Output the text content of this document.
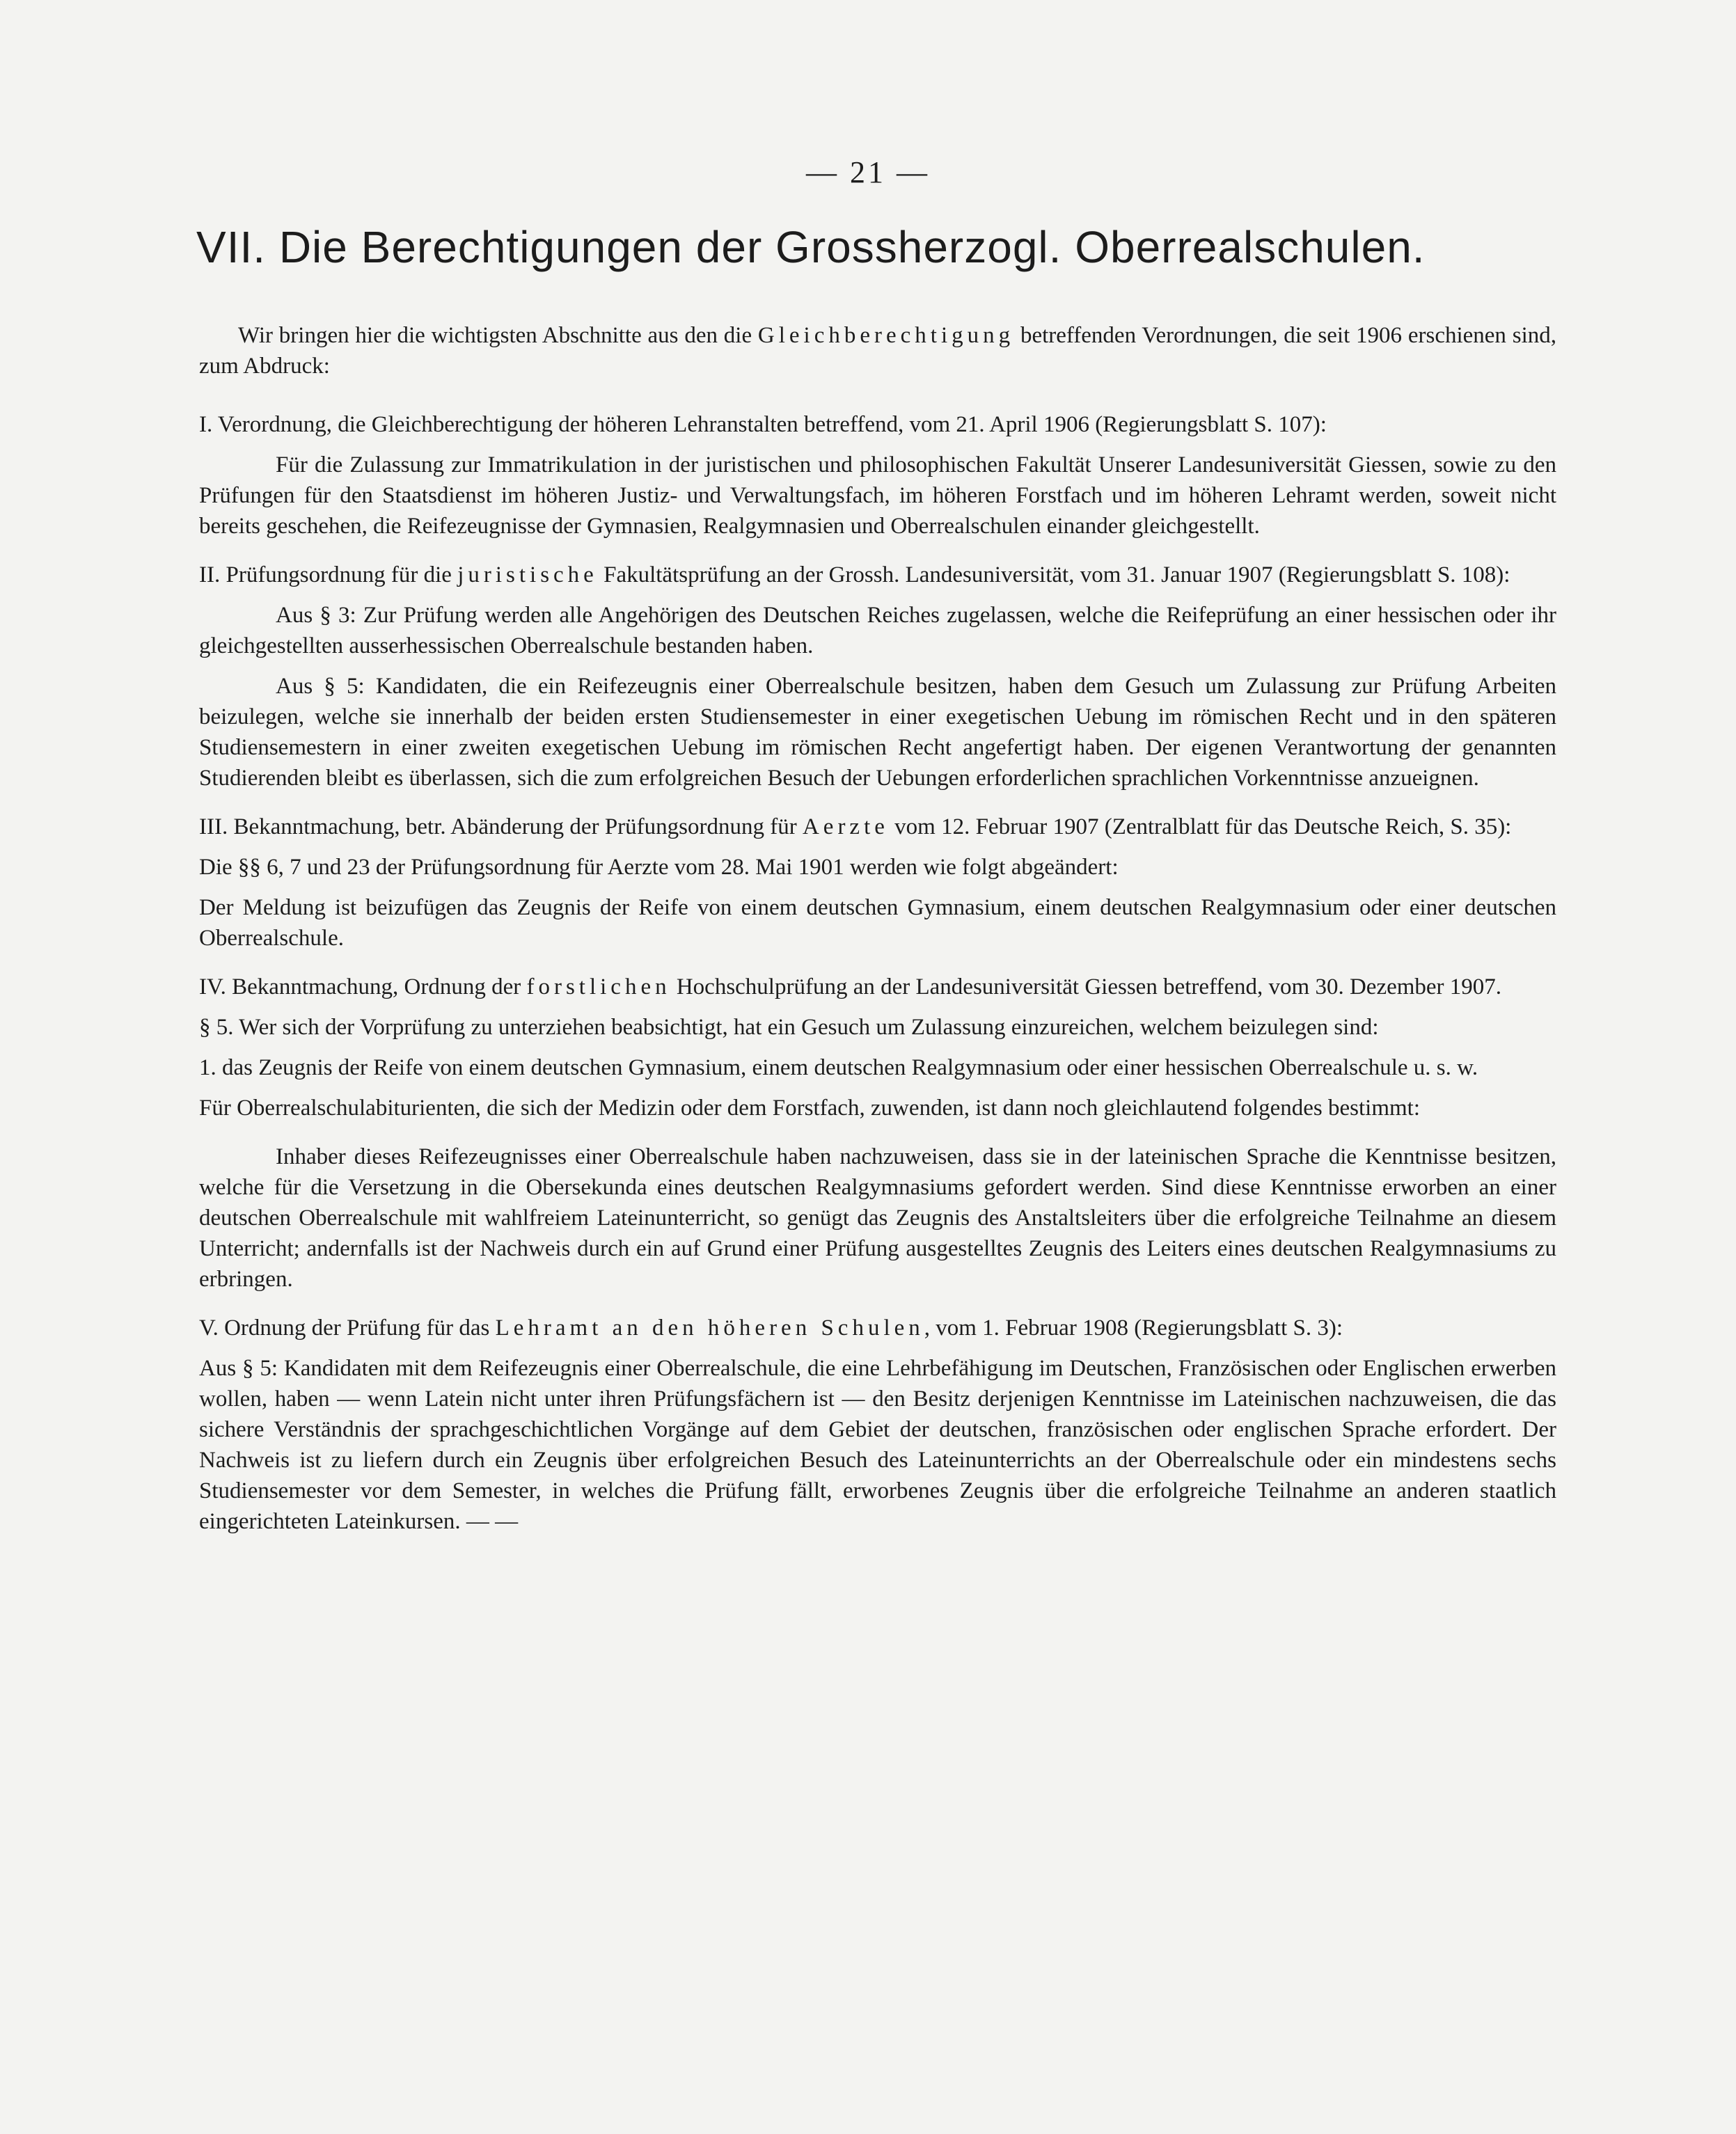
— 21 —
VII. Die Berechtigungen der Grossherzogl. Oberrealschulen.

Wir bringen hier die wichtigsten Abschnitte aus den die Gleichberechtigung betreffenden Verordnungen, die seit 1906 erschienen sind, zum Abdruck:

I. Verordnung, die Gleichberechtigung der höheren Lehranstalten betreffend, vom 21. April 1906 (Regierungsblatt S. 107):

Für die Zulassung zur Immatrikulation in der juristischen und philosophischen Fakultät Unserer Landesuniversität Giessen, sowie zu den Prüfungen für den Staatsdienst im höheren Justiz- und Verwaltungsfach, im höheren Forstfach und im höheren Lehramt werden, soweit nicht bereits geschehen, die Reifezeugnisse der Gymnasien, Realgymnasien und Oberrealschulen einander gleichgestellt.

II. Prüfungsordnung für die juristische Fakultätsprüfung an der Grossh. Landesuniversität, vom 31. Januar 1907 (Regierungsblatt S. 108):

Aus § 3: Zur Prüfung werden alle Angehörigen des Deutschen Reiches zugelassen, welche die Reifeprüfung an einer hessischen oder ihr gleichgestellten ausserhessischen Oberrealschule bestanden haben.

Aus § 5: Kandidaten, die ein Reifezeugnis einer Oberrealschule besitzen, haben dem Gesuch um Zulassung zur Prüfung Arbeiten beizulegen, welche sie innerhalb der beiden ersten Studiensemester in einer exegetischen Uebung im römischen Recht und in den späteren Studiensemestern in einer zweiten exegetischen Uebung im römischen Recht angefertigt haben. Der eigenen Verantwortung der genannten Studierenden bleibt es überlassen, sich die zum erfolgreichen Besuch der Uebungen erforderlichen sprachlichen Vorkenntnisse anzueignen.

III. Bekanntmachung, betr. Abänderung der Prüfungsordnung für Aerzte vom 12. Februar 1907 (Zentralblatt für das Deutsche Reich, S. 35):

Die §§ 6, 7 und 23 der Prüfungsordnung für Aerzte vom 28. Mai 1901 werden wie folgt abgeändert:

Der Meldung ist beizufügen das Zeugnis der Reife von einem deutschen Gymnasium, einem deutschen Realgymnasium oder einer deutschen Oberrealschule.

IV. Bekanntmachung, Ordnung der forstlichen Hochschulprüfung an der Landesuniversität Giessen betreffend, vom 30. Dezember 1907.

§ 5. Wer sich der Vorprüfung zu unterziehen beabsichtigt, hat ein Gesuch um Zulassung einzureichen, welchem beizulegen sind:

1. das Zeugnis der Reife von einem deutschen Gymnasium, einem deutschen Realgymnasium oder einer hessischen Oberrealschule u. s. w.

Für Oberrealschulabiturienten, die sich der Medizin oder dem Forstfach, zuwenden, ist dann noch gleichlautend folgendes bestimmt:

Inhaber dieses Reifezeugnisses einer Oberrealschule haben nachzuweisen, dass sie in der lateinischen Sprache die Kenntnisse besitzen, welche für die Versetzung in die Obersekunda eines deutschen Realgymnasiums gefordert werden. Sind diese Kenntnisse erworben an einer deutschen Oberrealschule mit wahlfreiem Lateinunterricht, so genügt das Zeugnis des Anstaltsleiters über die erfolgreiche Teilnahme an diesem Unterricht; andernfalls ist der Nachweis durch ein auf Grund einer Prüfung ausgestelltes Zeugnis des Leiters eines deutschen Realgymnasiums zu erbringen.

V. Ordnung der Prüfung für das Lehramt an den höheren Schulen, vom 1. Februar 1908 (Regierungsblatt S. 3):

Aus § 5: Kandidaten mit dem Reifezeugnis einer Oberrealschule, die eine Lehrbefähigung im Deutschen, Französischen oder Englischen erwerben wollen, haben — wenn Latein nicht unter ihren Prüfungsfächern ist — den Besitz derjenigen Kenntnisse im Lateinischen nachzuweisen, die das sichere Verständnis der sprachgeschichtlichen Vorgänge auf dem Gebiet der deutschen, französischen oder englischen Sprache erfordert. Der Nachweis ist zu liefern durch ein Zeugnis über erfolgreichen Besuch des Lateinunterrichts an der Oberrealschule oder ein mindestens sechs Studiensemester vor dem Semester, in welches die Prüfung fällt, erworbenes Zeugnis über die erfolgreiche Teilnahme an anderen staatlich eingerichteten Lateinkursen. — —
